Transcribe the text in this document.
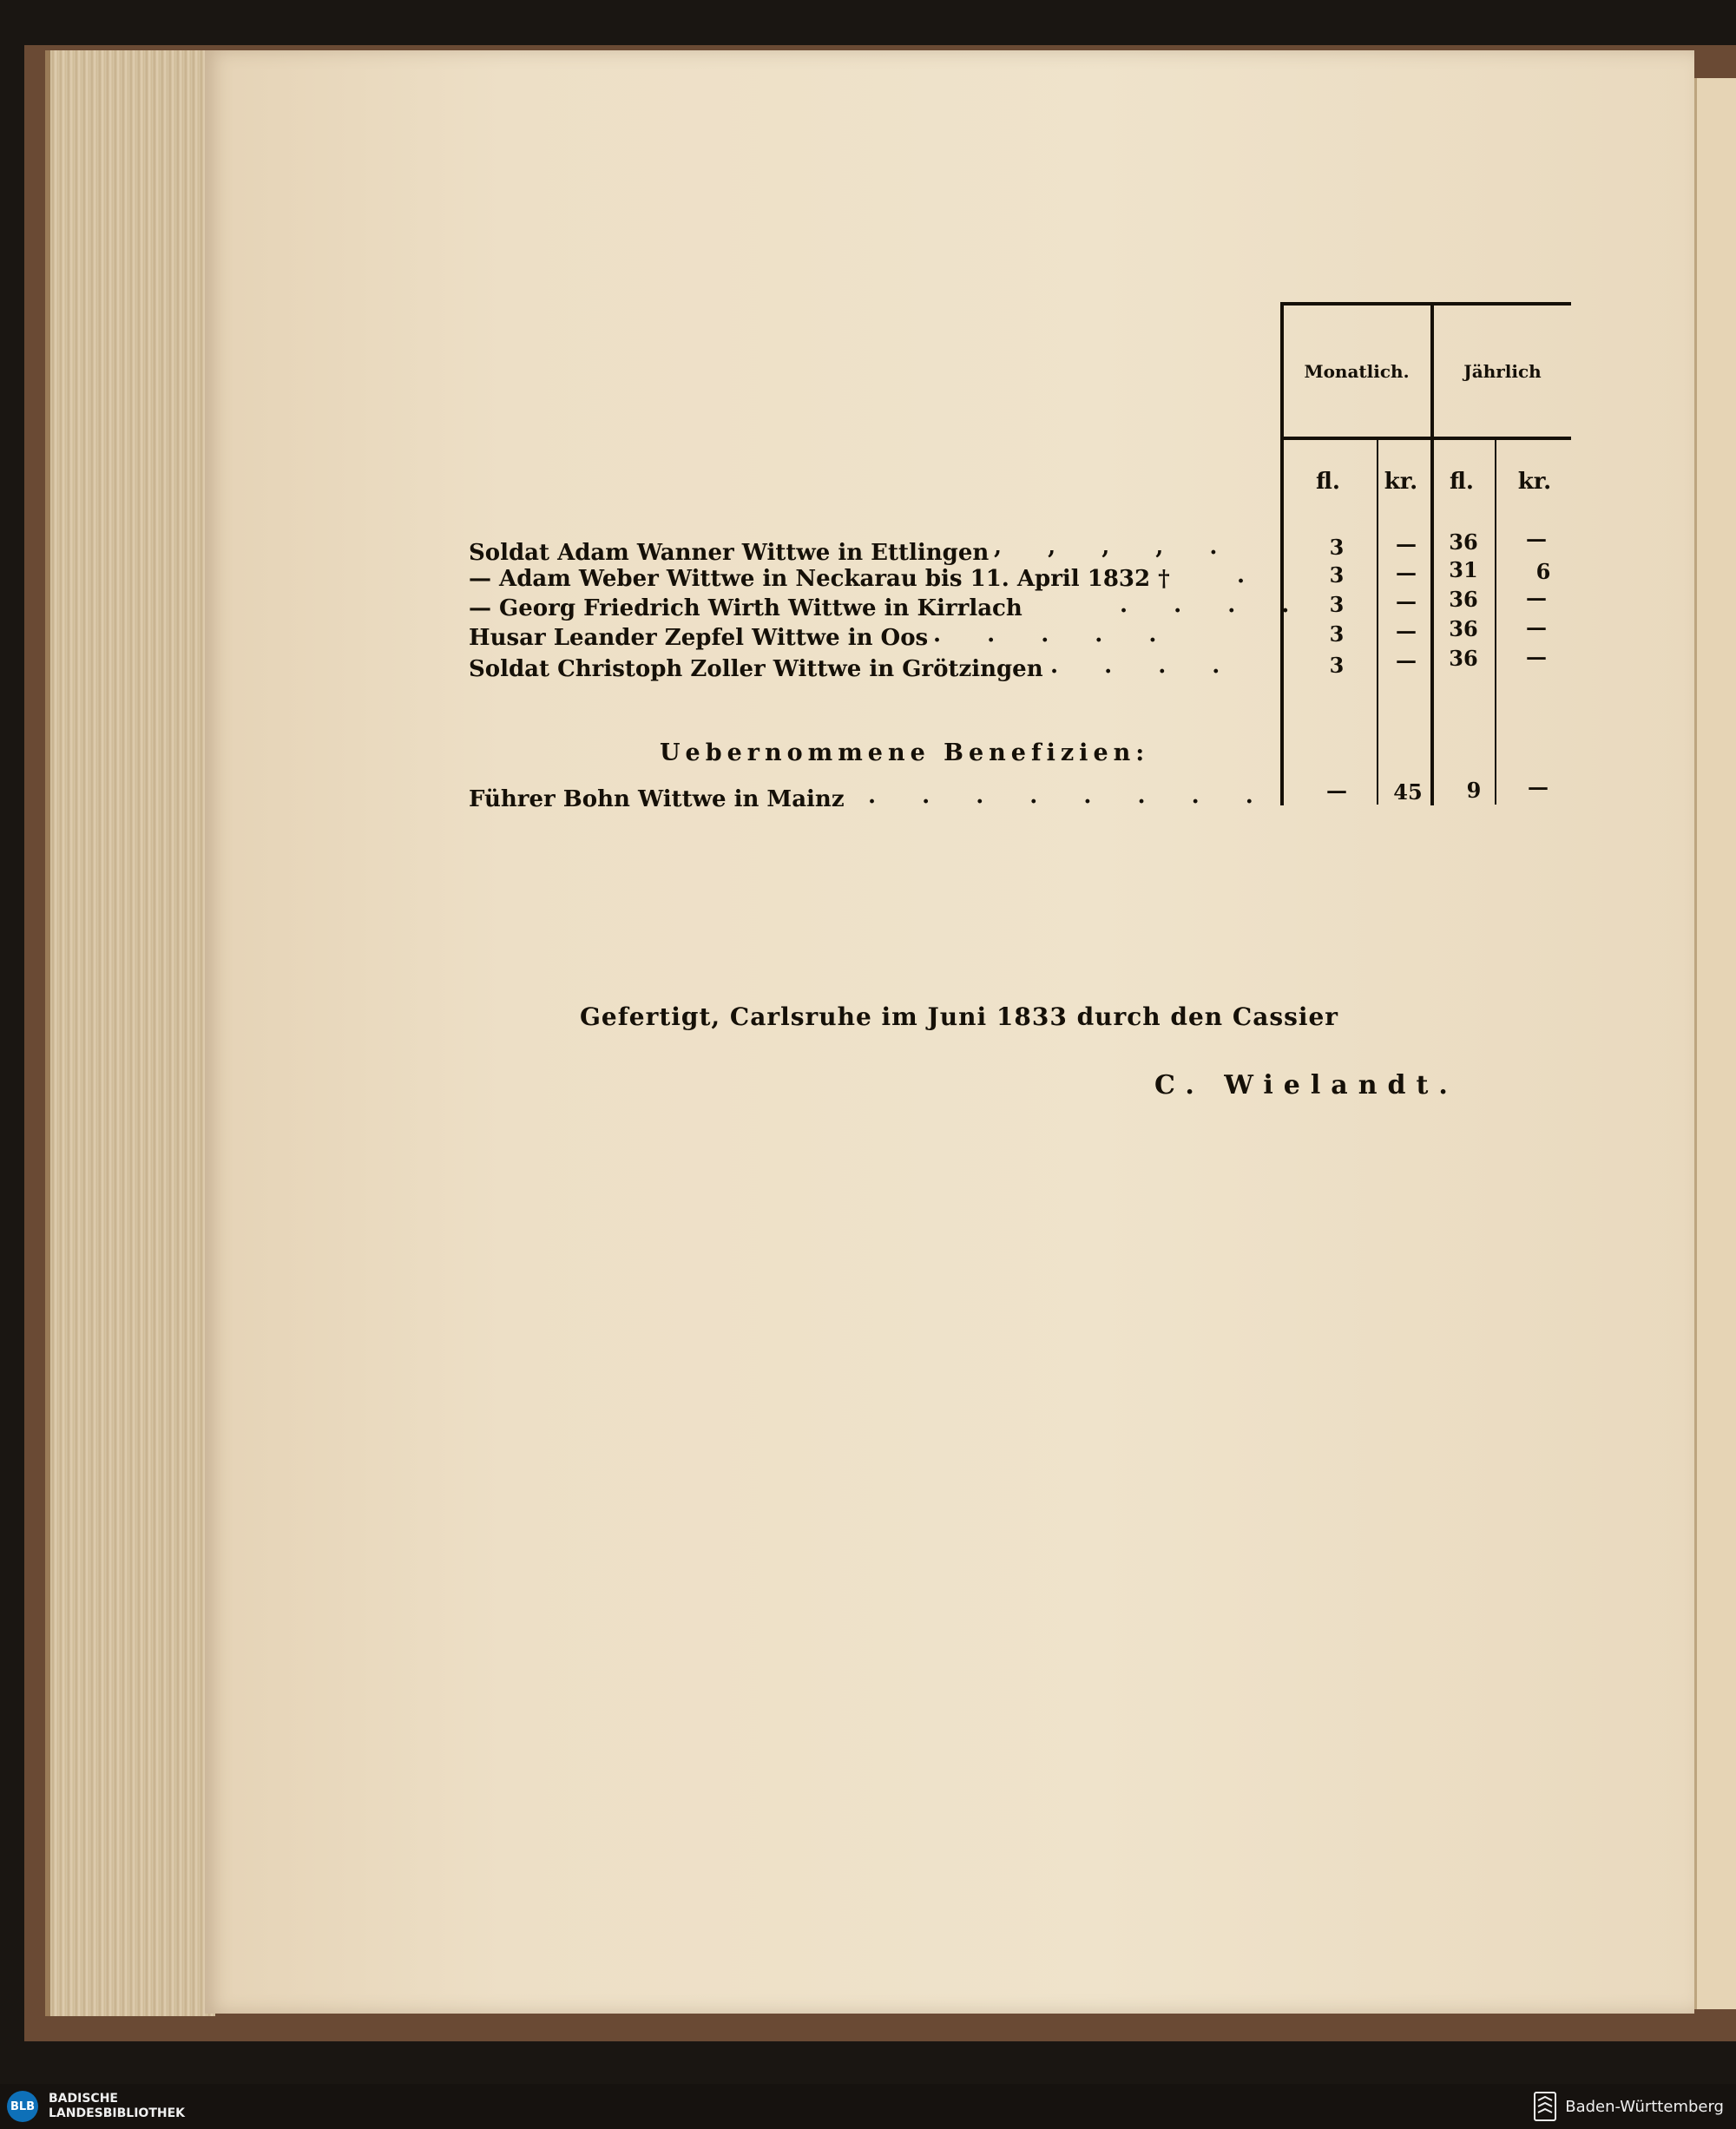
Monatlich.	Jährlich
fl.	kr.	fl.	kr.
Soldat Adam Wanner Wittwe in Ettlingen , , , , .	3	—	36	—
— Adam Weber Wittwe in Neckarau bis 11. April 1832 †	.	3	—	31	6
— Georg Friedrich Wirth Wittwe in Kirrlach	. . . .	3	—	36	—
Husar Leander Zepfel Wittwe in Oos . . . . .	3	—	36	—
Soldat Christoph Zoller Wittwe in Grötzingen . . . .	3	—	36	—
Uebernommene Benefizien:
Führer Bohn Wittwe in Mainz . . . . . . . .	—	45	9	—
Gefertigt, Carlsruhe im Juni 1833 durch den Cassier
C. Wielandt.
BLB
BADISCHE
LANDESBIBLIOTHEK	Baden-Württemberg
